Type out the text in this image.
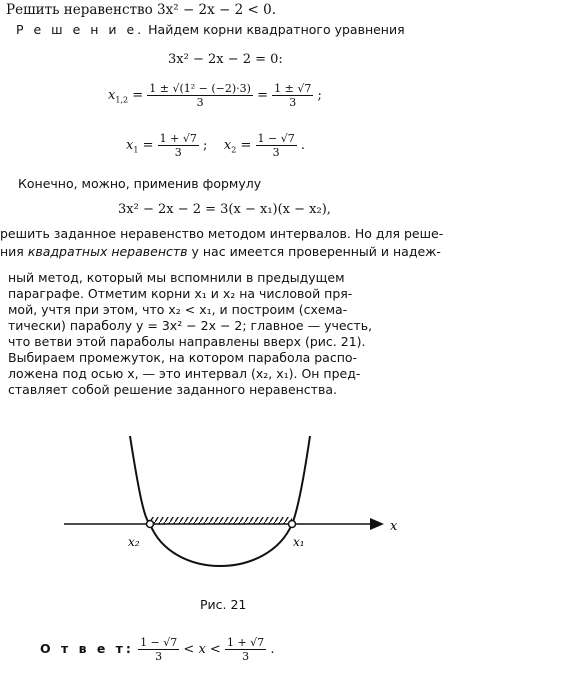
Решить неравенство 3x² − 2x − 2 < 0.
Р е ш е н и е. Найдем корни квадратного уравнения
3x² − 2x − 2 = 0:
$x_{1,2} = \frac{\text{1 ± √(1² − (−2)·3)}}{3} = \frac{1 \pm √7}{3}$ ;
$x_1 = \frac{1 + √7}{3}$ ;    $x_2 = \frac{1 - √7}{3}$ .
Конечно, можно, применив формулу
3x² − 2x − 2 = 3(x − x₁)(x − x₂),
решить заданное неравенство методом интервалов. Но для реше-
ния квадратных неравенств у нас имеется проверенный и надеж-
ный метод, который мы вспомнили в предыдущем
параграфе. Отметим корни x₁ и x₂ на числовой пря-
мой, учтя при этом, что x₂ < x₁, и построим (схема-
тически) параболу y = 3x² − 2x − 2; главное — учесть,
что ветви этой параболы направлены вверх (рис. 21).
Выбираем промежуток, на котором парабола распо-
ложена под осью x, — это интервал (x₂, x₁). Он пред-
ставляет собой решение заданного неравенства.
x
x₂	x₁
Рис. 21
О т в е т: $\frac{1 - √7}{3} < x < \frac{1 + √7}{3}$ .
